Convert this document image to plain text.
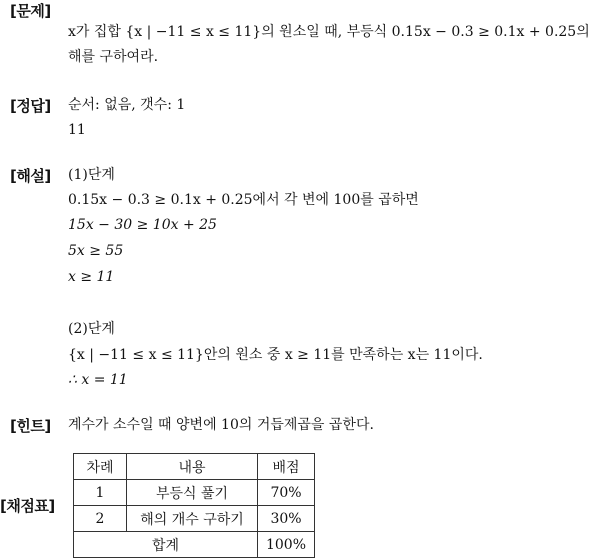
[문제]
x가 집합 {x | −11 ≤ x ≤ 11}의 원소일 때, 부등식 0.15x − 0.3 ≥ 0.1x + 0.25의
해를 구하여라.
[정답] 순서: 없음, 갯수: 1
11
[해설] (1)단계
0.15x − 0.3 ≥ 0.1x + 0.25에서 각 변에 100를 곱하면
15x − 30 ≥ 10x + 25
5x ≥ 55
x ≥ 11
(2)단계
{x | −11 ≤ x ≤ 11}안의 원소 중 x ≥ 11를 만족하는 x는 11이다.
∴ x = 11
[힌트] 계수가 소수일 때 양변에 10의 거듭제곱을 곱한다.
[채점표]
차례	내용	배점
1	부등식 풀기	70%
2	해의 개수 구하기	30%
합계		100%
